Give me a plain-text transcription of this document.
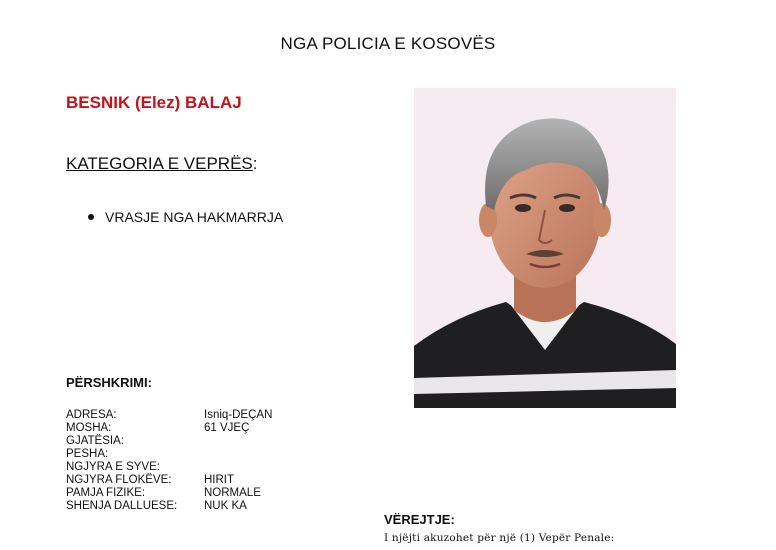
NGA POLICIA E KOSOVËS
BESNIK (Elez) BALAJ
KATEGORIA E VEPRËS:
VRASJE NGA HAKMARRJA
PËRSHKRIMI:
ADRESA:	Isniq-DEÇAN
MOSHA:	61 VJEÇ
GJATËSIA:
PESHA:
NGJYRA E SYVE:
NGJYRA FLOKËVE:	HIRIT
PAMJA FIZIKE:	NORMALE
SHENJA DALLUESE:	NUK KA
VËREJTJE:
I njëjti akuzohet për një (1) Vepër Penale:
